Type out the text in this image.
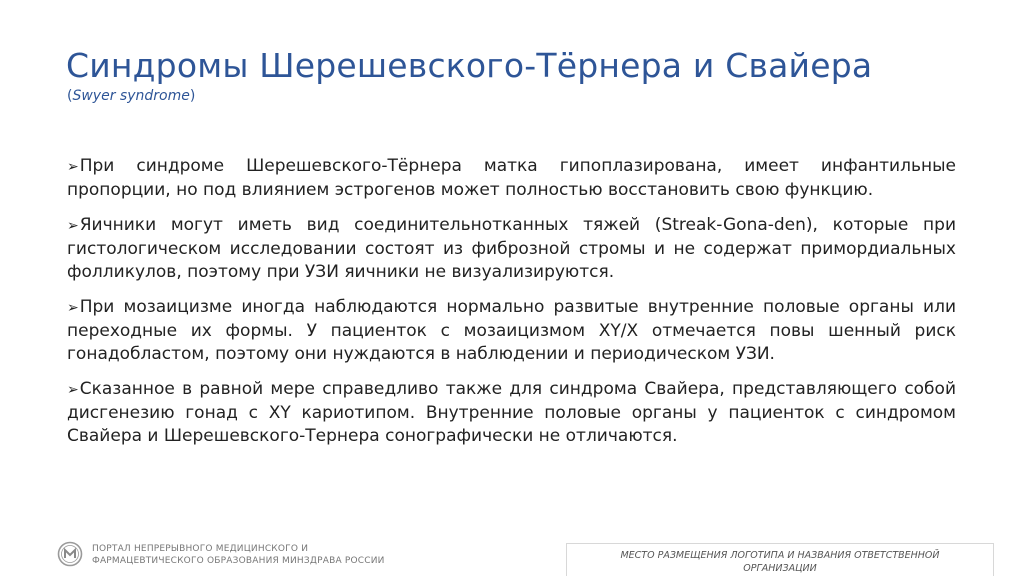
Синдромы Шерешевского-Тёрнера и Свайера
(Swyer syndrome)

➢При синдроме Шерешевского-Тёрнера матка гипоплазирована, имеет инфантильные пропорции, но под влиянием эстрогенов может полностью восстановить свою функцию.

➢Яичники могут иметь вид соединительнотканных тяжей (Streak-Gona-den), которые при гистологическом исследовании состоят из фиброзной стромы и не содержат примордиальных фолликулов, поэтому при УЗИ яичники не визуализируются.

➢При мозаицизме иногда наблюдаются нормально развитые внутренние половые органы или переходные их формы. У пациенток с мозаицизмом XY/X отмечается повы шенный риск гонадобластом, поэтому они нуждаются в наблюдении и периодическом УЗИ.

➢Сказанное в равной мере справедливо также для синдрома Свайера, представляющего собой дисгенезию гонад с XY кариотипом. Внутренние половые органы у пациенток с синдромом Свайера и Шерешевского-Тернера сонографически не отличаются.

ПОРТАЛ НЕПРЕРЫВНОГО МЕДИЦИНСКОГО И
ФАРМАЦЕВТИЧЕСКОГО ОБРАЗОВАНИЯ МИНЗДРАВА РОССИИ	МЕСТО РАЗМЕЩЕНИЯ ЛОГОТИПА И НАЗВАНИЯ ОТВЕТСТВЕННОЙ
ОРГАНИЗАЦИИ
